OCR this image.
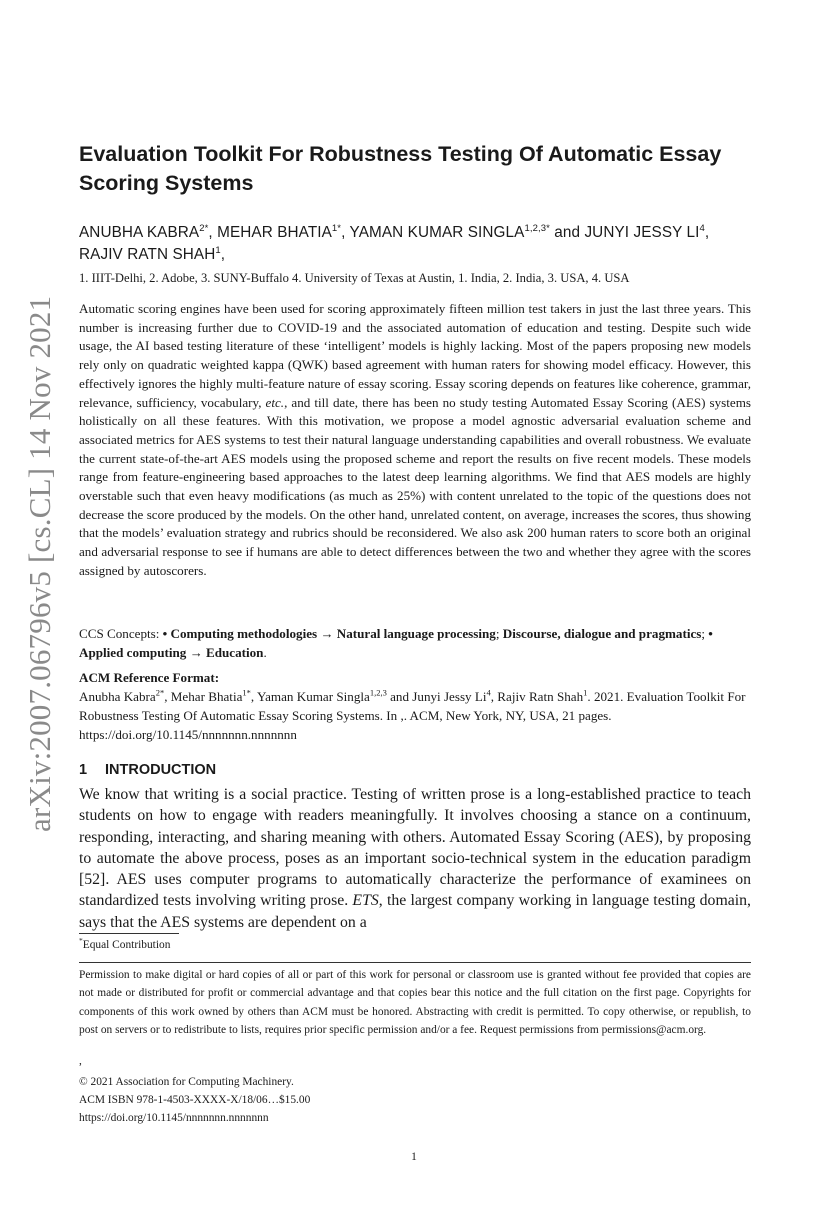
arXiv:2007.06796v5 [cs.CL] 14 Nov 2021
Evaluation Toolkit For Robustness Testing Of Automatic Essay Scoring Systems
ANUBHA $KABRA^{2*}$, MEHAR $BHATIA^{1*}$, YAMAN KUMAR $SINGLA^{1,2,3*}$ and JUNYI JESSY $LI^4$, RAJIV RATN SHAH$^1$,
1. IIIT-Delhi, 2. Adobe, 3. SUNY-Buffalo 4. University of Texas at Austin, 1. India, 2. India, 3. USA, 4. USA

Automatic scoring engines have been used for scoring approximately fifteen million test takers in just the last three years. This number is increasing further due to COVID-19 and the associated automation of education and testing. Despite such wide usage, the AI based testing literature of these ‘intelligent’ models is highly lacking. Most of the papers proposing new models rely only on quadratic weighted kappa (QWK) based agreement with human raters for showing model efficacy. However, this effectively ignores the highly multi-feature nature of essay scoring. Essay scoring depends on features like coherence, grammar, relevance, sufficiency, vocabulary, etc., and till date, there has been no study testing Automated Essay Scoring (AES) systems holistically on all these features. With this motivation, we propose a model agnostic adversarial evaluation scheme and associated metrics for AES systems to test their natural language understanding capabilities and overall robustness. We evaluate the current state-of-the-art AES models using the proposed scheme and report the results on five recent models. These models range from feature-engineering based approaches to the latest deep learning algorithms. We find that AES models are highly overstable such that even heavy modifications (as much as 25%) with content unrelated to the topic of the questions does not decrease the score produced by the models. On the other hand, unrelated content, on average, increases the scores, thus showing that the models’ evaluation strategy and rubrics should be reconsidered. We also ask 200 human raters to score both an original and adversarial response to see if humans are able to detect differences between the two and whether they agree with the scores assigned by autoscorers.

CCS Concepts: • Computing methodologies → Natural language processing; Discourse, dialogue and pragmatics; • Applied computing → Education.
ACM Reference Format:
Anubha Kabra$^{2*}$, Mehar Bhatia$^{1*}$, Yaman Kumar Singla$^{1,2,3}$ and Junyi Jessy Li$^4$, Rajiv Ratn Shah$^1$. 2021. Evaluation Toolkit For Robustness Testing Of Automatic Essay Scoring Systems. In ,. ACM, New York, NY, USA, 21 pages. https://doi.org/10.1145/nnnnnnn.nnnnnnn
1 INTRODUCTION

We know that writing is a social practice. Testing of written prose is a long-established practice to teach students on how to engage with readers meaningfully. It involves choosing a stance on a continuum, responding, interacting, and sharing meaning with others. Automated Essay Scoring (AES), by proposing to automate the above process, poses as an important socio-technical system in the education paradigm [52]. AES uses computer programs to automatically characterize the performance of examinees on standardized tests involving writing prose. ETS, the largest company working in language testing domain, says that the AES systems are dependent on a

*Equal Contribution
Permission to make digital or hard copies of all or part of this work for personal or classroom use is granted without fee provided that copies are not made or distributed for profit or commercial advantage and that copies bear this notice and the full citation on the first page. Copyrights for components of this work owned by others than ACM must be honored. Abstracting with credit is permitted. To copy otherwise, or republish, to post on servers or to redistribute to lists, requires prior specific permission and/or a fee. Request permissions from permissions@acm.org.
,
© 2021 Association for Computing Machinery.
ACM ISBN 978-1-4503-XXXX-X/18/06…$15.00
https://doi.org/10.1145/nnnnnnn.nnnnnnn
1
